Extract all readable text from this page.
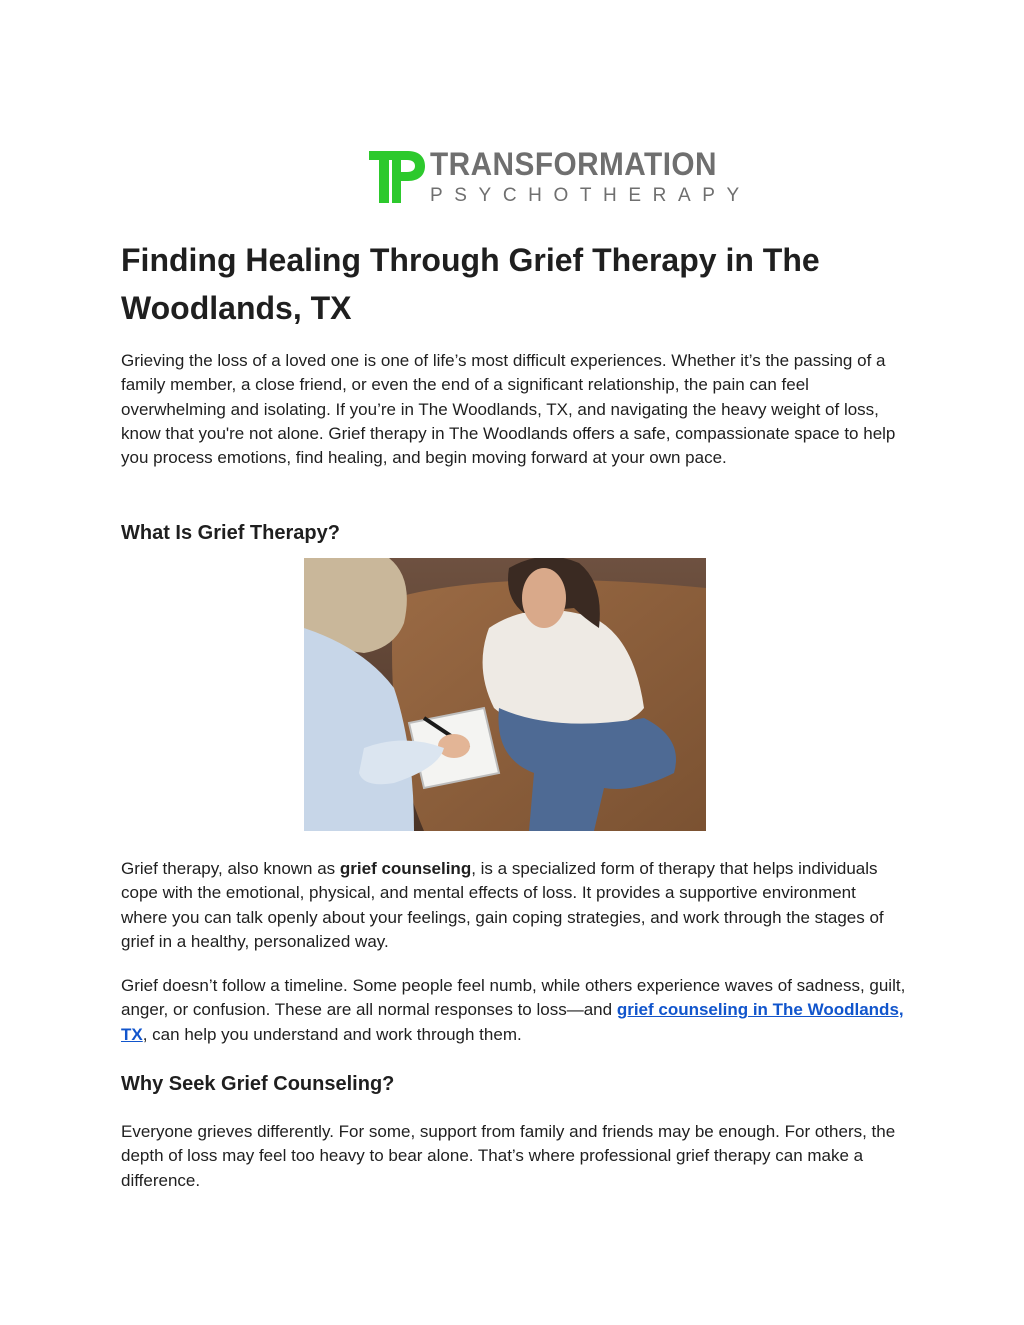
TRANSFORMATION
PSYCHOTHERAPY
Finding Healing Through Grief Therapy in The Woodlands, TX

Grieving the loss of a loved one is one of life’s most difficult experiences. Whether it’s the passing of a family member, a close friend, or even the end of a significant relationship, the pain can feel overwhelming and isolating. If you’re in The Woodlands, TX, and navigating the heavy weight of loss, know that you're not alone. Grief therapy in The Woodlands offers a safe, compassionate space to help you process emotions, find healing, and begin moving forward at your own pace.

What Is Grief Therapy?

Grief therapy, also known as grief counseling, is a specialized form of therapy that helps individuals cope with the emotional, physical, and mental effects of loss. It provides a supportive environment where you can talk openly about your feelings, gain coping strategies, and work through the stages of grief in a healthy, personalized way.

Grief doesn’t follow a timeline. Some people feel numb, while others experience waves of sadness, guilt, anger, or confusion. These are all normal responses to loss—and grief counseling in The Woodlands, TX, can help you understand and work through them.

Why Seek Grief Counseling?

Everyone grieves differently. For some, support from family and friends may be enough. For others, the depth of loss may feel too heavy to bear alone. That’s where professional grief therapy can make a difference.
